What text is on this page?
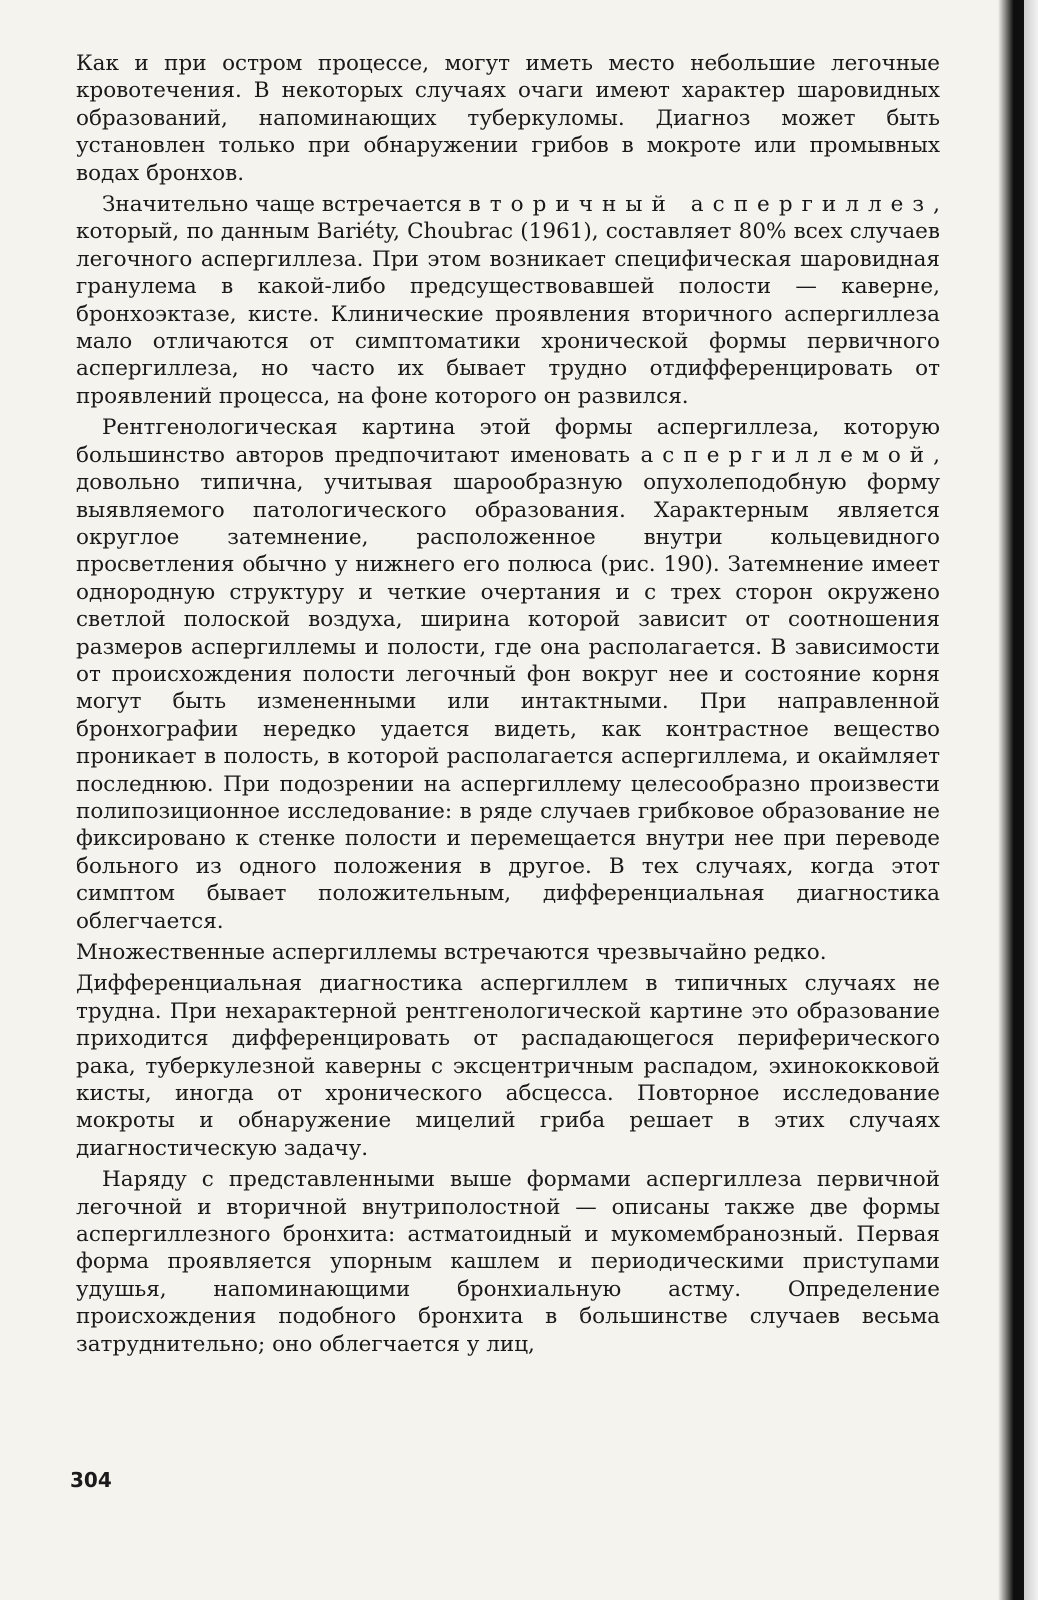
Как и при остром процессе, могут иметь место небольшие легочные кровотечения. В некоторых случаях очаги имеют характер шаровидных образований, напоминающих туберкуломы. Диагноз может быть установлен только при обнаружении грибов в мокроте или промывных водах бронхов.

Значительно чаще встречается вторичный аспергиллез, который, по данным Bariéty, Choubrac (1961), составляет 80% всех случаев легочного аспергиллеза. При этом возникает специфическая шаровидная гранулема в какой-либо предсуществовавшей полости — каверне, бронхоэктазе, кисте. Клинические проявления вторичного аспергиллеза мало отличаются от симптоматики хронической формы первичного аспергиллеза, но часто их бывает трудно отдифференцировать от проявлений процесса, на фоне которого он развился.

Рентгенологическая картина этой формы аспергиллеза, которую большинство авторов предпочитают именовать аспергиллемой, довольно типична, учитывая шарообразную опухолеподобную форму выявляемого патологического образования. Характерным является округлое затемнение, расположенное внутри кольцевидного просветления обычно у нижнего его полюса (рис. 190). Затемнение имеет однородную структуру и четкие очертания и с трех сторон окружено светлой полоской воздуха, ширина которой зависит от соотношения размеров аспергиллемы и полости, где она располагается. В зависимости от происхождения полости легочный фон вокруг нее и состояние корня могут быть измененными или интактными. При направленной бронхографии нередко удается видеть, как контрастное вещество проникает в полость, в которой располагается аспергиллема, и окаймляет последнюю. При подозрении на аспергиллему целесообразно произвести полипозиционное исследование: в ряде случаев грибковое образование не фиксировано к стенке полости и перемещается внутри нее при переводе больного из одного положения в другое. В тех случаях, когда этот симптом бывает положительным, дифференциальная диагностика облегчается.

Множественные аспергиллемы встречаются чрезвычайно редко.

Дифференциальная диагностика аспергиллем в типичных случаях не трудна. При нехарактерной рентгенологической картине это образование приходится дифференцировать от распадающегося периферического рака, туберкулезной каверны с эксцентричным распадом, эхинококковой кисты, иногда от хронического абсцесса. Повторное исследование мокроты и обнаружение мицелий гриба решает в этих случаях диагностическую задачу.

Наряду с представленными выше формами аспергиллеза первичной легочной и вторичной внутриполостной — описаны также две формы аспергиллезного бронхита: астматоидный и мукомембранозный. Первая форма проявляется упорным кашлем и периодическими приступами удушья, напоминающими бронхиальную астму. Определение происхождения подобного бронхита в большинстве случаев весьма затруднительно; оно облегчается у лиц,

304
